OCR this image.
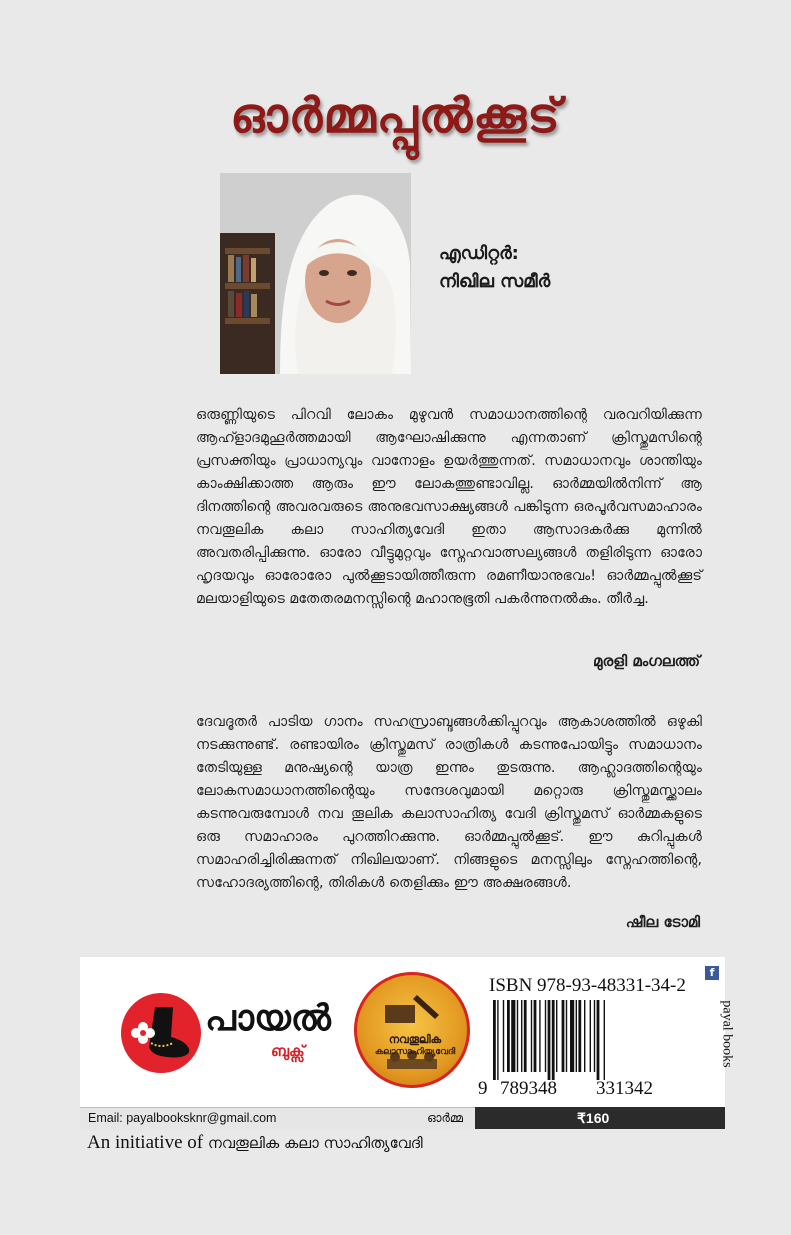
ഓർമ്മപ്പുൽക്കൂട്
എഡിറ്റർ:
നിഖില സമീർ
ഒരുണ്ണിയുടെ പിറവി ലോകം മുഴുവൻ സമാധാനത്തിന്റെ വരവറിയിക്കുന്ന ആഹ്ളാദമുഹൂർത്തമായി ആഘോഷിക്കുന്നു എന്നതാണ് ക്രിസ്തുമസിന്റെ പ്രസക്തിയും പ്രാധാന്യവും വാനോളം ഉയർത്തുന്നത്. സമാധാനവും ശാന്തിയും കാംക്ഷിക്കാത്ത ആരും ഈ ലോകത്തുണ്ടാവില്ല. ഓർമ്മയിൽനിന്ന് ആ ദിനത്തിന്റെ അവരവരുടെ അനുഭവസാക്ഷ്യങ്ങൾ പങ്കിടുന്ന ഒരപൂർവസമാഹാരം നവതൂലിക കലാ സാഹിത്യവേദി ഇതാ ആസാദകർക്കു മുന്നിൽ അവതരിപ്പിക്കുന്നു. ഓരോ വീട്ടുമുറ്റവും സ്നേഹവാത്സല്യങ്ങൾ തളിരിടുന്ന ഓരോ ഹൃദയവും ഓരോരോ പുൽക്കൂടായിത്തീരുന്ന രമണീയാനുഭവം! ഓർമ്മപ്പുൽക്കൂട് മലയാളിയുടെ മതേതരമനസ്സിന്റെ മഹാനുഭൂതി പകർന്നുനൽകും. തീർച്ച.
മുരളി മംഗലത്ത്
ദേവദൂതർ പാടിയ ഗാനം സഹസ്രാബ്ദങ്ങൾക്കിപ്പുറവും ആകാശത്തിൽ ഒഴുകി നടക്കുന്നുണ്ട്. രണ്ടായിരം ക്രിസ്തുമസ് രാത്രികൾ കടന്നുപോയിട്ടും സമാധാനം തേടിയുള്ള മനുഷ്യന്റെ യാത്ര ഇന്നും തുടരുന്നു. ആഹ്ലാദത്തിന്റെയും ലോകസമാധാനത്തിന്റെയും സന്ദേശവുമായി മറ്റൊരു ക്രിസ്തുമസ്ക്കാലം കടന്നുവരുമ്പോൾ നവ തൂലിക കലാസാഹിത്യ വേദി ക്രിസ്തുമസ് ഓർമ്മകളുടെ ഒരു സമാഹാരം പുറത്തിറക്കുന്നു. ഓർമ്മപ്പുൽക്കൂട്. ഈ കുറിപ്പുകൾ സമാഹരിച്ചിരിക്കുന്നത് നിഖിലയാണ്. നിങ്ങളുടെ മനസ്സിലും സ്നേഹത്തിന്റെ, സഹോദര്യത്തിന്റെ, തിരികൾ തെളിക്കും ഈ അക്ഷരങ്ങൾ.
ഷീല ടോമി
പായൽ
ബുക്സ്
നവതൂലിക
കലാസാഹിത്യവേദി
ISBN 978-93-48331-34-2
9 789348 331342
f
payal books
Email: payalbooksknr@gmail.com	ഓർമ്മ	₹160
An initiative of നവതൂലിക കലാ സാഹിത്യവേദി
